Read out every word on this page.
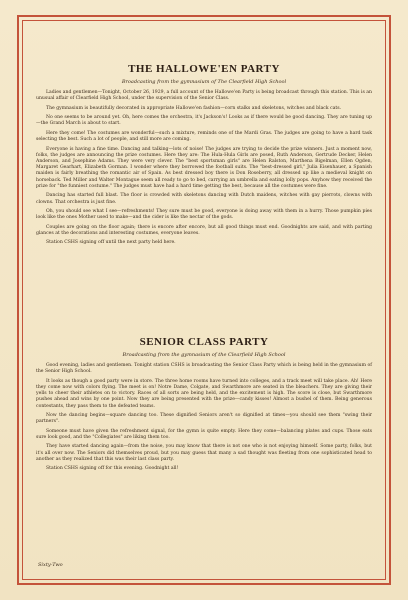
THE HALLOWE'EN PARTY
Broadcasting from the gymnasium of The Clearfield High School

Ladies and gentlemen—Tonight, October 26, 1929, a full account of the Hallowe'en Party is being broadcast through this station. This is an unusual affair of Clearfield High School, under the supervision of the Senior Class.

The gymnasium is beautifully decorated in appropriate Hallowe'en fashion—corn stalks and skeletons, witches and black cats.

No one seems to be around yet. Oh, here comes the orchestra, it's Jackson's! Looks as if there would be good dancing. They are tuning up—the Grand March is about to start.

Here they come! The costumes are wonderful—such a mixture, reminds one of the Mardi Gras. The judges are going to have a hard task selecting the best. Such a lot of people, and still more are coming.

Everyone is having a fine time. Dancing and talking—lots of noise! The judges are trying to decide the prize winners. Just a moment now, folks, the judges are announcing the prize costumes. Here they are: The Hula-Hula Girls are posed, Ruth Anderson, Gertrude Decker, Helen Anderson, and Josephine Adams. They were very clever. The "best sportsman girls" are Helen Ralston, Marthena Bigelman, Ellen Ogden, Margaret Gearhart, Elizabeth Gorman. I wonder where they borrowed the football suits. The "best-dressed girl," Julia Eisenhauer, a Spanish maiden is fairly breathing the romantic air of Spain. As best dressed boy there is Don Roseberry, all dressed up like a medieval knight on horseback. Ted Miller and Walter Montague seem all ready to go to bed, carrying an umbrella and eating lolly pops. Anyhow they received the prize for "the funniest costume." The judges must have had a hard time getting the best, because all the costumes were fine.

Dancing has started full blast. The floor is crowded with skeletons dancing with Dutch maidens, witches with gay pierrots, clowns with clowns. That orchestra is just fine.

Oh, you should see what I see—refreshments! They sure must be good, everyone is doing away with them in a hurry. Those pumpkin pies look like the ones Mother used to make—and the cider is like the nectar of the gods.

Couples are going on the floor again; there is encore after encore, but all good things must end. Goodnights are said, and with parting glances at the decorations and interesting costumes, everyone leaves.

Station CSHS signing off until the next party held here.

SENIOR CLASS PARTY
Broadcasting from the gymnasium of the Clearfield High School

Good evening, ladies and gentlemen. Tonight station CSHS is broadcasting the Senior Class Party which is being held in the gymnasium of the Senior High School.

It looks as though a good party were in store. The three home rooms have turned into colleges, and a track meet will take place. Ah! Here they come now with colors flying. The meet is on! Notre Dame, Colgate, and Swarthmore are seated in the bleachers. They are giving their yells to cheer their athletes on to victory. Races of all sorts are being held, and the excitement is high. The score is close, but Swarthmore pushes ahead and wins by one point. Now they are being presented with the prize—candy kisses! Almost a bushel of them. Being generous contestants, they pass them to the defeated teams.

Now the dancing begins—square dancing too. These dignified Seniors aren't so dignified at times—you should see them "swing their partners".

Someone must have given the refreshment signal, for the gymn is quite empty. Here they come—balancing plates and cups. Those eats sure look good, and the "Collegiates" are liking them too.

They have started dancing again—from the noise, you may know that there is not one who is not enjoying himself. Some party, folks, but it's all over now. The Seniors did themselves proud, but you may guess that many a sad thought was fleeting from one sophisticated head to another as they realized that this was their last class party.

Station CSHS signing off for this evening. Goodnight all!

Sixty-Two
